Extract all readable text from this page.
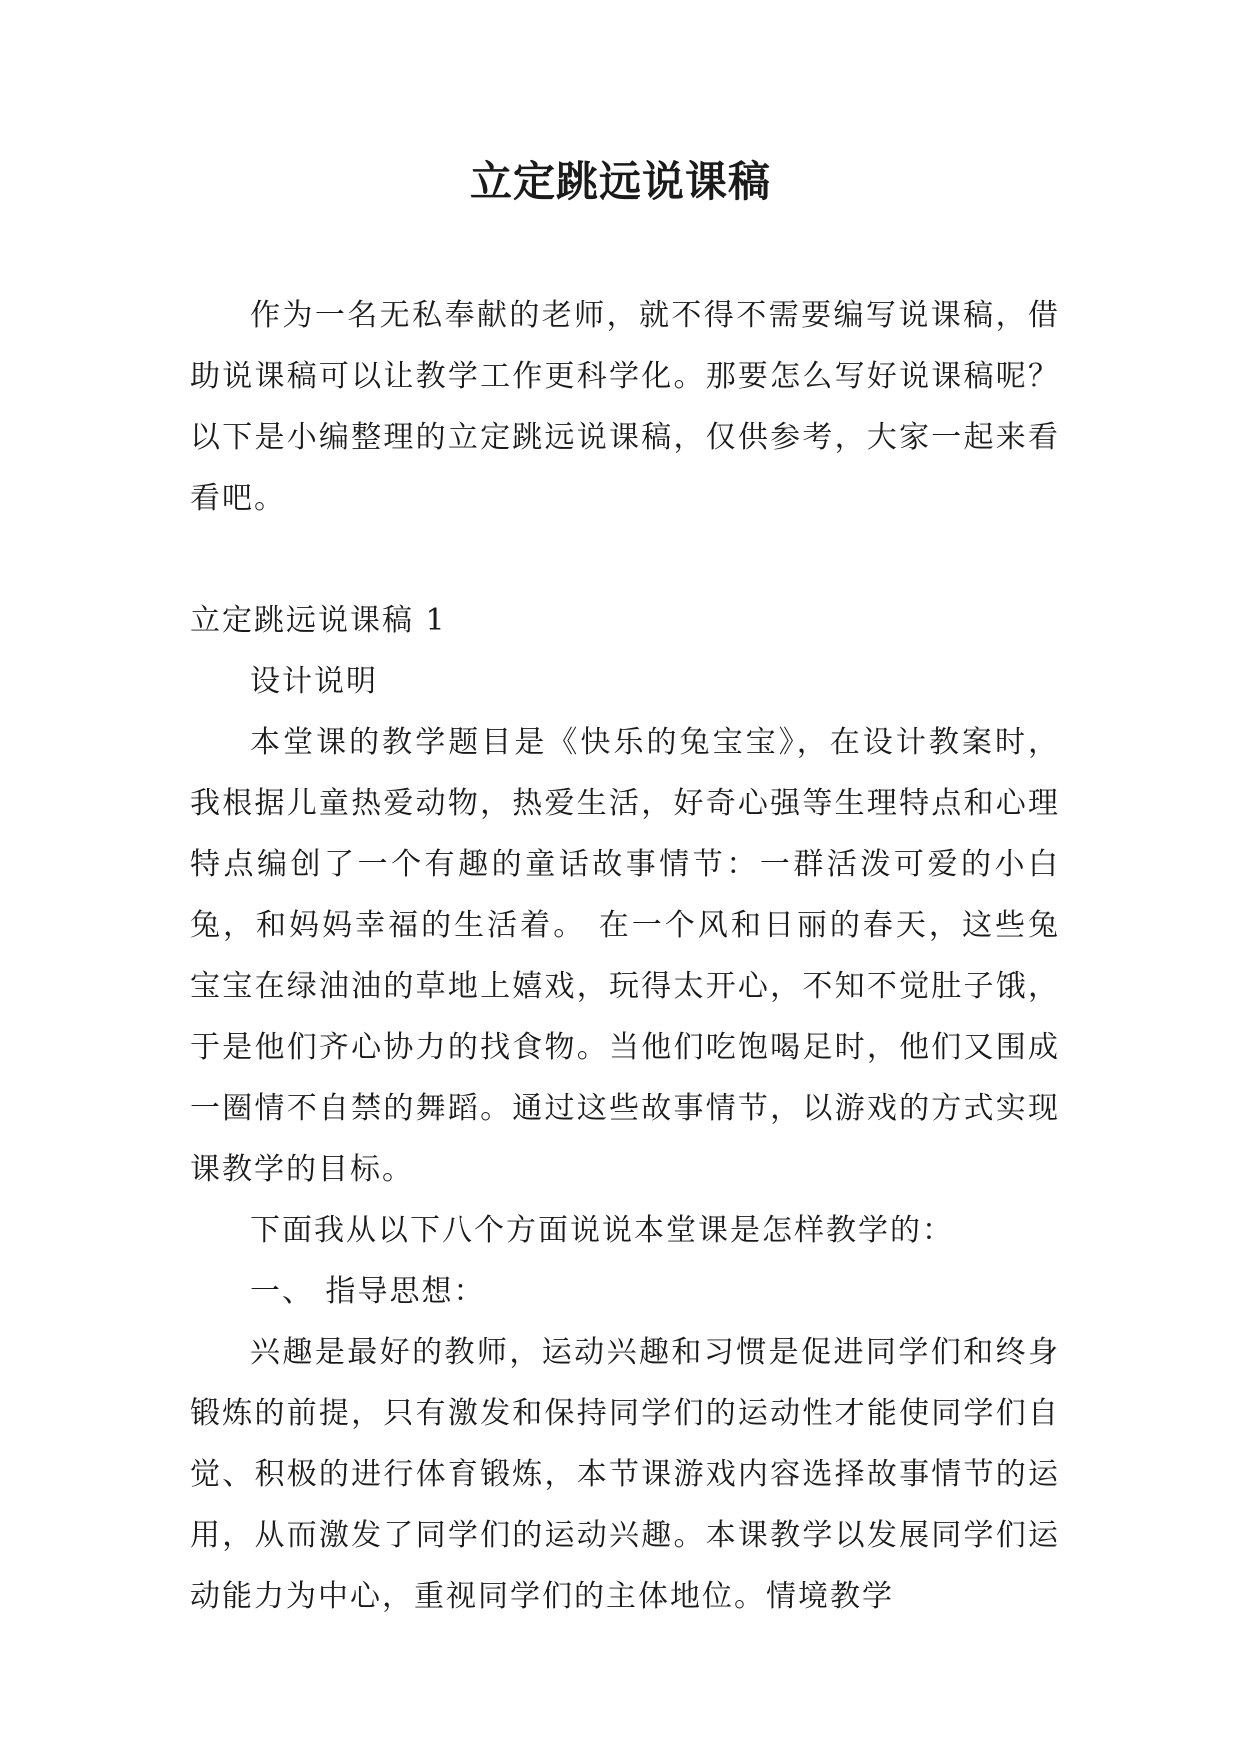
立定跳远说课稿

作为一名无私奉献的老师，就不得不需要编写说课稿，借助说课稿可以让教学工作更科学化。那要怎么写好说课稿呢？以下是小编整理的立定跳远说课稿，仅供参考，大家一起来看看吧。

立定跳远说课稿 1

设计说明

本堂课的教学题目是《快乐的兔宝宝》，在设计教案时，我根据儿童热爱动物，热爱生活，好奇心强等生理特点和心理特点编创了一个有趣的童话故事情节：一群活泼可爱的小白兔，和妈妈幸福的生活着。 在一个风和日丽的春天，这些兔宝宝在绿油油的草地上嬉戏，玩得太开心，不知不觉肚子饿，于是他们齐心协力的找食物。当他们吃饱喝足时，他们又围成一圈情不自禁的舞蹈。通过这些故事情节，以游戏的方式实现课教学的目标。

下面我从以下八个方面说说本堂课是怎样教学的：

一、 指导思想：

兴趣是最好的教师，运动兴趣和习惯是促进同学们和终身锻炼的前提，只有激发和保持同学们的运动性才能使同学们自觉、积极的进行体育锻炼，本节课游戏内容选择故事情节的运用，从而激发了同学们的运动兴趣。本课教学以发展同学们运动能力为中心，重视同学们的主体地位。情境教学
